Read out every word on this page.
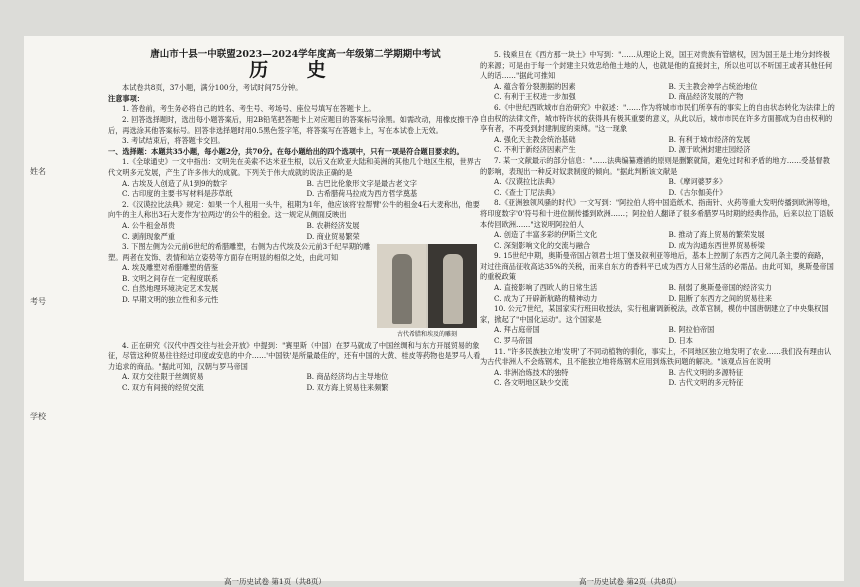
姓名
考号
学校
唐山市十县一中联盟2023—2024学年度高一年级第二学期期中考试
历 史

本试卷共8页，37小题，满分100分，考试时间75分钟。

注意事项：

1. 答卷前，考生务必将自己的姓名、考生号、考场号、座位号填写在答题卡上。

2. 回答选择题时，选出每小题答案后，用2B铅笔把答题卡上对应题目的答案标号涂黑。如需改动，用橡皮擦干净后，再选涂其他答案标号。回答非选择题时用0.5黑色签字笔，将答案写在答题卡上，写在本试卷上无效。

3. 考试结束后，将答题卡交回。

一、选择题：本题共35小题，每小题2分，共70分。在每小题给出的四个选项中，只有一项是符合题目要求的。

1.《全球通史》一文中指出：文明先在美索不达米亚生根，以后又在欧亚大陆和美洲的其他几个地区生根，世界古代文明多元发展，产生了许多伟大的成就。下列关于伟大成就的说法正确的是

A. 古埃及人创造了从1到9的数字	B. 古巴比伦象形文字是最古老文字
C. 古印度的主要书写材料是莎草纸	D. 古希腊荷马拉成为西方哲学奠基

2.《汉谟拉比法典》规定：如果一个人租用一头牛，租期为1年，他应该将'拉帮臂'公牛的租金4石大麦称出，他要向牛的主人称出3石大麦作为'拉两边'的公牛的租金。这一规定从侧面反映出

A. 公牛租金昂贵	B. 农耕经济发展
C. 剥削现象严重	D. 商业贸易繁荣
古代希腊和埃及的雕刻

3. 下图左侧为公元前6世纪的希腊雕塑，右侧为古代埃及公元前3千纪早期的雕塑。两者在发饰、表情和站立姿势等方面存在明显的相似之处，由此可知

A. 埃及雕塑对希腊雕塑的借鉴
B. 文明之间存在一定程度联系
C. 自然地理环境决定艺术发展
D. 早期文明的独立性和多元性

4. 正在研究《汉代中西交往与社会开放》中提到："赛里斯（中国）在罗马就成了中国丝绸和与东方开展贸易的象征，尽管这种贸易往往经过印度或安息的中介……'中国铁'是所量最佳的'，还有中国的大黄、桂皮等药物也是罗马人看力追求的商品。"据此可知，汉朝与罗马帝国

A. 双方交往限于丝绸贸易	B. 商品经济均占主导地位
C. 双方有间接的经贸交流	D. 双方海上贸易往来频繁

5. 钱乘旦在《西方那一块土》中写到："……从理论上说，国王对贵族有管辖权，因为国王是土地分封终极的来源；可是由于每一个封建主只效忠给他土地的人，也就是他的直接封主，所以也可以不听国王或者其他任何人的话……"据此可推知

A. 蕴含着分裂割据的因素	B. 天主教会神学占统治地位
C. 有利于王权进一步加强	D. 商品经济发展的产物

6.《中世纪西欧城市自治研究》中叙述："……作为将城市市民们所享有的事实上的自由状态转化为法律上的自由权的法律文件，城市特许状的获得具有极其重要的意义，从此以后，城市市民在许多方面都成为自由权利的享有者，不再受到封建制度的束缚。"这一现象

A. 强化天主教会统治基础	B. 有利于城市经济的发展
C. 不利于新经济因素产生	D. 源于欧洲封建庄园经济

7. 某一文献最示的部分信息："……法典编纂遵循的原则是删繁就简，避免过时和矛盾的地方……受基督教的影响，表现出一种反对奴隶制度的倾向。"据此判断该文献是

A.《汉谟拉比法典》	B.《摩诃婆罗多》
C.《查士丁尼法典》	D.《古尔伽美什》

8.《亚洲独领风骚的时代》一文写到："阿拉伯人将中国造纸术、指南针、火药等重大发明传播到欧洲等地，将印度数字'0'符号和十进位制传播到欧洲……；阿拉伯人翻译了很多希腊罗马时期的经典作品，后来以拉丁语版本传回欧洲……"这说明阿拉伯人

A. 创造了丰富多彩的伊斯兰文化	B. 推动了海上贸易的繁荣发展
C. 深刻影响文化的交流与融合	D. 成为沟通东西世界贸易桥梁

9. 15世纪中期，奥斯曼帝国占领君士坦丁堡及叙利亚等地后，基本上控制了东西方之间几条主要的商路，对过往商品征收高达35%的关税，而来自东方的香料平已成为西方人日常生活的必需品。由此可知，奥斯曼帝国的重税政策

A. 直接影响了西欧人的日常生活	B. 削弱了奥斯曼帝国的经济实力
C. 成为了开辟新航路的精神动力	D. 阻断了东西方之间的贸易往来

10. 公元7世纪，某国家实行班田收授法，实行租庸调新税法，改革官制，模仿中国唐朝建立了中央集权国家，掀起了"中国化运动"。这个国家是

A. 拜占庭帝国	B. 阿拉伯帝国
C. 罗马帝国	D. 日本

11. "许多民族独立地'发明'了不同动植物的驯化，事实上，不同地区独立地发明了农业……我们没有理由认为古代非洲人不会炼钢术，且不能独立地将炼钢术应用到炼铁问题的解决。"该观点旨在说明

A. 非洲冶炼技术的独特	B. 古代文明的多源特征
C. 各文明地区缺少交流	D. 古代文明的多元特征
高一历史试卷 第1页（共8页）	高一历史试卷 第2页（共8页）
